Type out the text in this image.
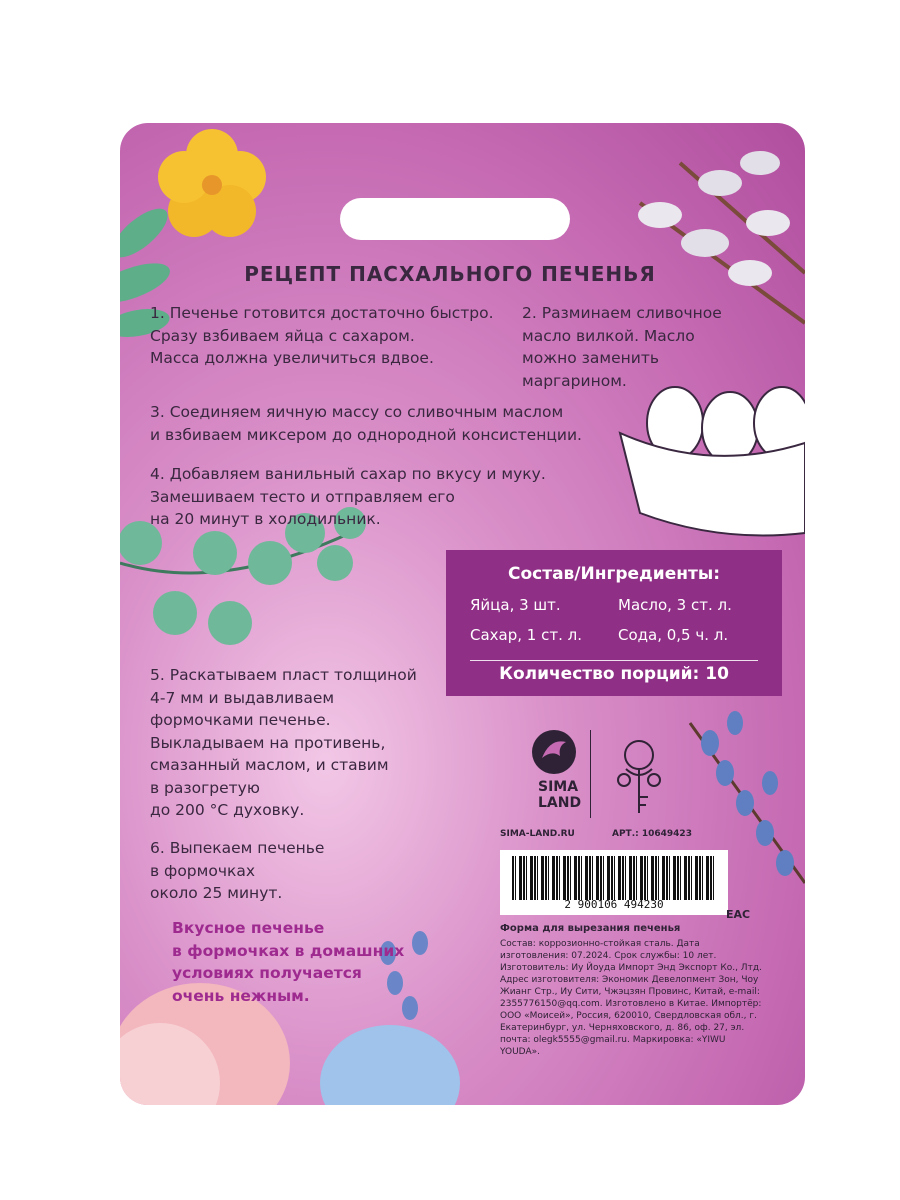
РЕЦЕПТ ПАСХАЛЬНОГО ПЕЧЕНЬЯ
1. Печенье готовится достаточно быстро.
Сразу взбиваем яйца с сахаром.
Масса должна увеличиться вдвое.
2. Разминаем сливочное
масло вилкой. Масло
можно заменить
маргарином.
3. Соединяем яичную массу со сливочным маслом
и взбиваем миксером до однородной консистенции.
4. Добавляем ванильный сахар по вкусу и муку.
Замешиваем тесто и отправляем его
на 20 минут в холодильник.
5. Раскатываем пласт толщиной
4-7 мм и выдавливаем
формочками печенье.
Выкладываем на противень,
смазанный маслом, и ставим
в разогретую
до 200 °С духовку.
6. Выпекаем печенье
в формочках
около 25 минут.
Вкусное печенье
в формочках в домашних
условиях получается
очень нежным.
Состав/Ингредиенты:
Яйца, 3 шт.	Масло, 3 ст. л.
Сахар, 1 ст. л. Сода, 0,5 ч. л.
Количество порций: 10
SIMA
LAND
SIMA-LAND.RU	АРТ.: 10649423
2 900106 494230
ЕАС
Форма для вырезания печенья
Состав: коррозионно-стойкая сталь. Дата изготовления: 07.2024. Срок службы: 10 лет. Изготовитель: Иу Йоуда Импорт Энд Экспорт Ко., Лтд. Адрес изготовителя: Экономик Девелопмент Зон, Чоу Жианг Стр., Иу Сити, Чжэцзян Провинс, Китай, e-mail: 2355776150@qq.com. Изготовлено в Китае. Импортёр: ООО «Моисей», Россия, 620010, Свердловская обл., г. Екатеринбург, ул. Черняховского, д. 86, оф. 27, эл. почта: olegk5555@gmail.ru. Маркировка: «YIWU YOUDA».
